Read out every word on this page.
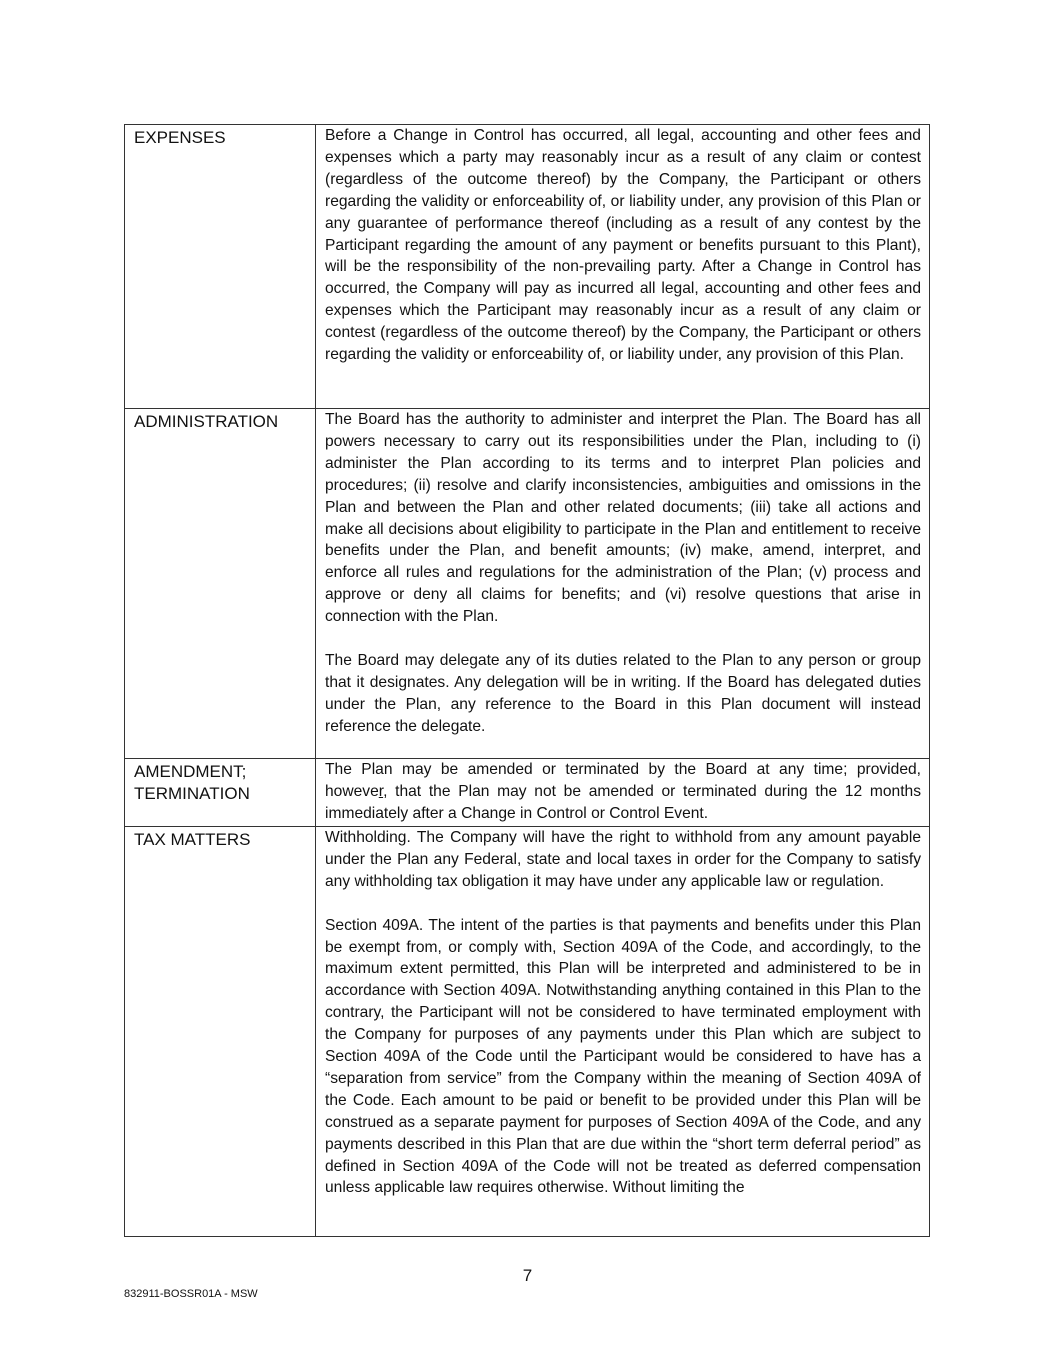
EXPENSES	Before a Change in Control has occurred, all legal, accounting and other fees and expenses which a party may reasonably incur as a result of any claim or contest (regardless of the outcome thereof) by the Company, the Participant or others regarding the validity or enforceability of, or liability under, any provision of this Plan or any guarantee of performance thereof (including as a result of any contest by the Participant regarding the amount of any payment or benefits pursuant to this Plant), will be the responsibility of the non-prevailing party. After a Change in Control has occurred, the Company will pay as incurred all legal, accounting and other fees and expenses which the Participant may reasonably incur as a result of any claim or contest (regardless of the outcome thereof) by the Company, the Participant or others regarding the validity or enforceability of, or liability under, any provision of this Plan.

ADMINISTRATION	The Board has the authority to administer and interpret the Plan. The Board has all powers necessary to carry out its responsibilities under the Plan, including to (i) administer the Plan according to its terms and to interpret Plan policies and procedures; (ii) resolve and clarify inconsistencies, ambiguities and omissions in the Plan and between the Plan and other related documents; (iii) take all actions and make all decisions about eligibility to participate in the Plan and entitlement to receive benefits under the Plan, and benefit amounts; (iv) make, amend, interpret, and enforce all rules and regulations for the administration of the Plan; (v) process and approve or deny all claims for benefits; and (vi) resolve questions that arise in connection with the Plan.

The Board may delegate any of its duties related to the Plan to any person or group that it designates. Any delegation will be in writing. If the Board has delegated duties under the Plan, any reference to the Board in this Plan document will instead reference the delegate.

AMENDMENT;
TERMINATION	The Plan may be amended or terminated by the Board at any time; provided, however, that the Plan may not be amended or terminated during the 12 months immediately after a Change in Control or Control Event.

TAX MATTERS	Withholding. The Company will have the right to withhold from any amount payable under the Plan any Federal, state and local taxes in order for the Company to satisfy any withholding tax obligation it may have under any applicable law or regulation.

Section 409A. The intent of the parties is that payments and benefits under this Plan be exempt from, or comply with, Section 409A of the Code, and accordingly, to the maximum extent permitted, this Plan will be interpreted and administered to be in accordance with Section 409A. Notwithstanding anything contained in this Plan to the contrary, the Participant will not be considered to have terminated employment with the Company for purposes of any payments under this Plan which are subject to Section 409A of the Code until the Participant would be considered to have has a “separation from service” from the Company within the meaning of Section 409A of the Code. Each amount to be paid or benefit to be provided under this Plan will be construed as a separate payment for purposes of Section 409A of the Code, and any payments described in this Plan that are due within the “short term deferral period” as defined in Section 409A of the Code will not be treated as deferred compensation unless applicable law requires otherwise. Without limiting the

7
832911-BOSSR01A - MSW
